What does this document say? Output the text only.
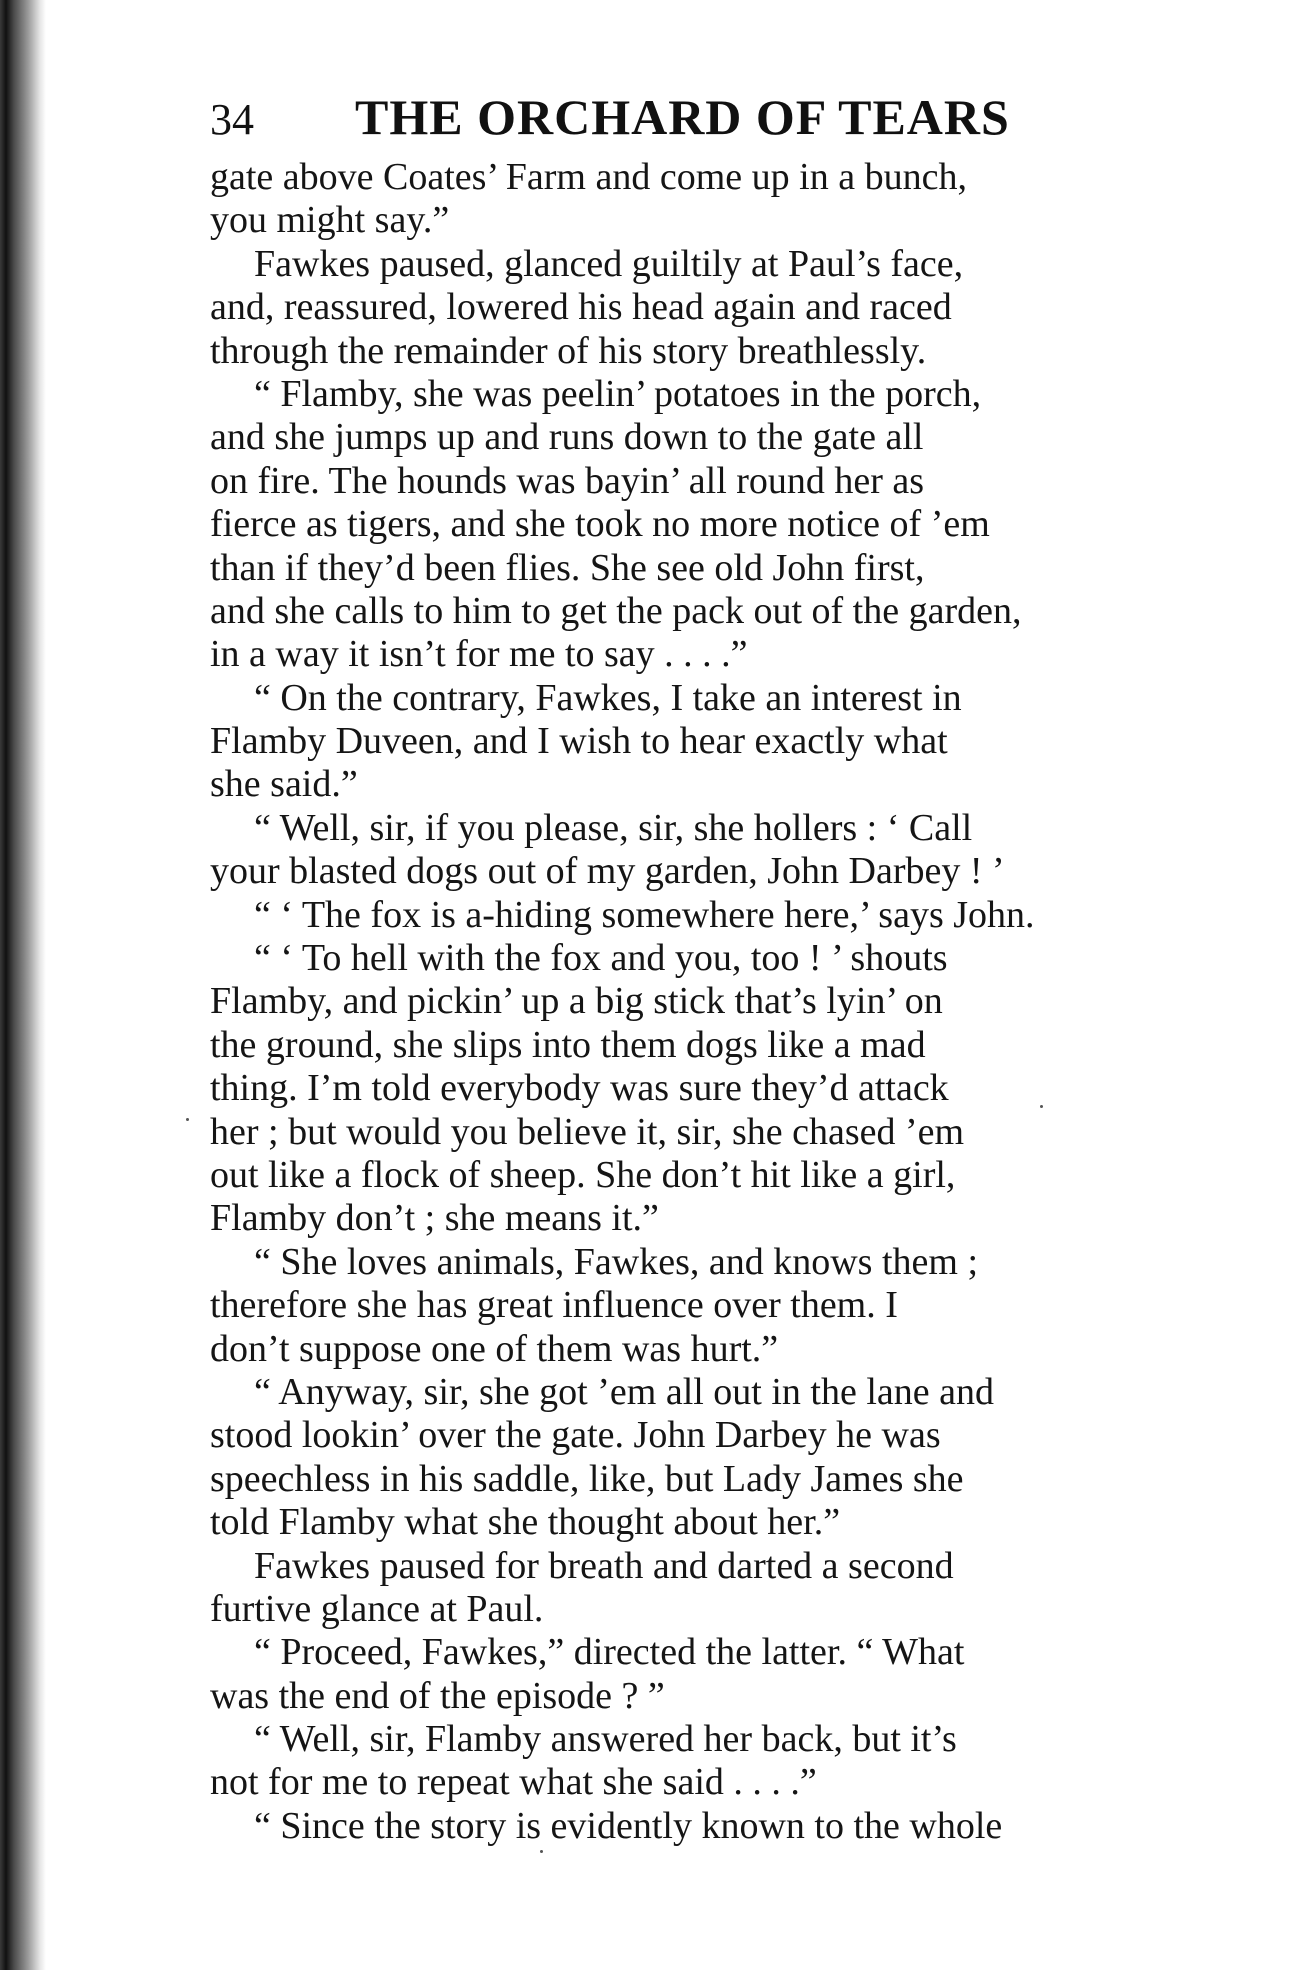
34 THE ORCHARD OF TEARS
gate above Coates’ Farm and come up in a bunch,
you might say.”
Fawkes paused, glanced guiltily at Paul’s face,
and, reassured, lowered his head again and raced
through the remainder of his story breathlessly.
“ Flamby, she was peelin’ potatoes in the porch,
and she jumps up and runs down to the gate all
on fire. The hounds was bayin’ all round her as
fierce as tigers, and she took no more notice of ’em
than if they’d been flies. She see old John first,
and she calls to him to get the pack out of the garden,
in a way it isn’t for me to say . . . .”
“ On the contrary, Fawkes, I take an interest in
Flamby Duveen, and I wish to hear exactly what
she said.”
“ Well, sir, if you please, sir, she hollers : ‘ Call
your blasted dogs out of my garden, John Darbey ! ’
“ ‘ The fox is a-hiding somewhere here,’ says John.
“ ‘ To hell with the fox and you, too ! ’ shouts
Flamby, and pickin’ up a big stick that’s lyin’ on
the ground, she slips into them dogs like a mad
thing. I’m told everybody was sure they’d attack
her ; but would you believe it, sir, she chased ’em
out like a flock of sheep. She don’t hit like a girl,
Flamby don’t ; she means it.”
“ She loves animals, Fawkes, and knows them ;
therefore she has great influence over them. I
don’t suppose one of them was hurt.”
“ Anyway, sir, she got ’em all out in the lane and
stood lookin’ over the gate. John Darbey he was
speechless in his saddle, like, but Lady James she
told Flamby what she thought about her.”
Fawkes paused for breath and darted a second
furtive glance at Paul.
“ Proceed, Fawkes,” directed the latter. “ What
was the end of the episode ? ”
“ Well, sir, Flamby answered her back, but it’s
not for me to repeat what she said . . . .”
“ Since the story is evidently known to the whole
